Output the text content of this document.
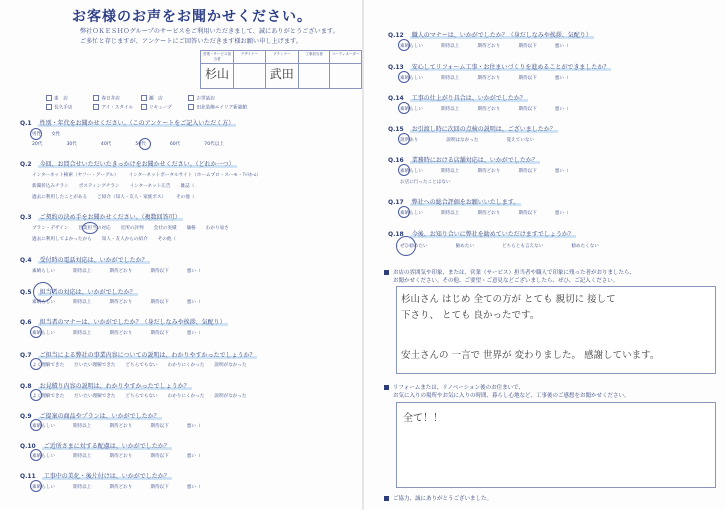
お客様のお声をお聞かせください。
弊社ＯＫＥＳＨＯグループのサービスをご利用いただきまして、誠にありがとうございます。
ご多忙と存じますが、アンケートにご回答いただきます様お願い申し上げます。
営業・サービス担当者	デザイナー	プランナー	工事担当者	コーディネーター
杉山		武田		
東　店	春日井店	瀬　店	お世話店 長久手店	アイ・スタイル	リキュープ	田北装飾エイリア新築館
Q.1 性別・年代をお聞かせください。（このアンケートをご記入いただく方）
男性 女性
20代	30代	40代	50代	60代	70代以上
Q.2 今回、お問合せいただいたきっかけをお聞かせください。（どれか一つ）
インターネット検索（ヤフー・グーグル） インターネットポータルサイト（ホームプロ・スーモ・ｱｯﾄﾎｰﾑ）
新聞折込みチラシ ポスティングチラシ インターネット広告 雑誌（
過去に利用したことがある ご紹介（知人・友人・家族ボス） その他（
Q.3 ご契約の決め手をお聞かせください。（複数回答可）
プラン・デザイン 営業担当の対応 近所の評判 会社の実績 価格 わかり易さ
過去に利用してよかったから 知人・友人からの紹介 その他（
Q.4 受付時の電話対応は、いかがでしたか？
素晴らしい	期待以上	期待どおり	期待以下	悪い（
Q.5 担当者の対応は、いかがでしたか？
素晴らしい	期待以上	期待どおり	期待以下	悪い（
Q.6 担当者のマナーは、いかがでしたか？（身だしなみや挨拶、気配り）
素晴らしい	期待以上	期待どおり	期待以下	悪い（
Q.7 ご担当による弊社の事業内容についての説明は、わかりやすかったでしょうか？
よく理解できた だいたい理解できた どちらでもない わかりにくかった 説明がなかった
Q.8 お見積り内容の説明は、わかりやすかったでしょうか？
よく理解できた だいたい理解できた どちらでもない わかりにくかった 説明がなかった
Q.9 ご提案の商品やプランは、いかがでしたか？
素晴らしい	期待以上	期待どおり	期待以下	悪い（
Q.10 ご近所さまに対する配慮は、いかがでしたか？
素晴らしい	期待以上	期待どおり	期待以下	悪い（
Q.11 工事中の美化・後片付けは、いかがでしたか？
素晴らしい	期待以上	期待どおり	期待以下	悪い（
Q.12 職人のマナーは、いかがでしたか？（身だしなみや挨拶、気配り）
素晴らしい	期待以上	期待どおり	期待以下	悪い（
Q.13 安心してリフォーム工事・お住まいづくりを進めることができましたか？
素晴らしい	期待以上	期待どおり	期待以下	悪い（
Q.14 工事の仕上がり具合は、いかがでしたか？
素晴らしい	期待以上	期待どおり	期待以下	悪い（
Q.15 お引渡し時に次回の点検の説明は、ございましたか？
説明あり	説明はなかった	覚えていない
Q.16 業務時における店舗対応は、いかがでしたか？
素晴らしい	期待以上	期待どおり	期待以下	悪い（
お店に行ったことはない
Q.17 弊社への総合評価をお願いいたします。
素晴らしい	期待以上	期待どおり	期待以下	悪い（
Q.18 今後、お知り合いに弊社を勧めていただけますでしょうか？
ぜひ勧めたい	勧めたい	どちらとも言えない	勧めたくない
お店の雰囲気や印象、または、営業（サービス）担当者や職人で印象に残った者がおりましたら、
お聞かせください。その他、ご要望・ご意見などございましたら、ぜひ、ご記入ください。
杉山さん はじめ 全ての方が とても 親切に 接して
下さり、 とても 良かったです。
安土さんの 一言で 世界が 変わりました。 感謝しています。
リフォームまたは、リノベーション後のお住まいで、
お気に入りの場所やお気に入りの時間、暮らし心地など、工事後のご感想をお聞かせください。
全て！！
ご協力、誠にありがとうございました。
